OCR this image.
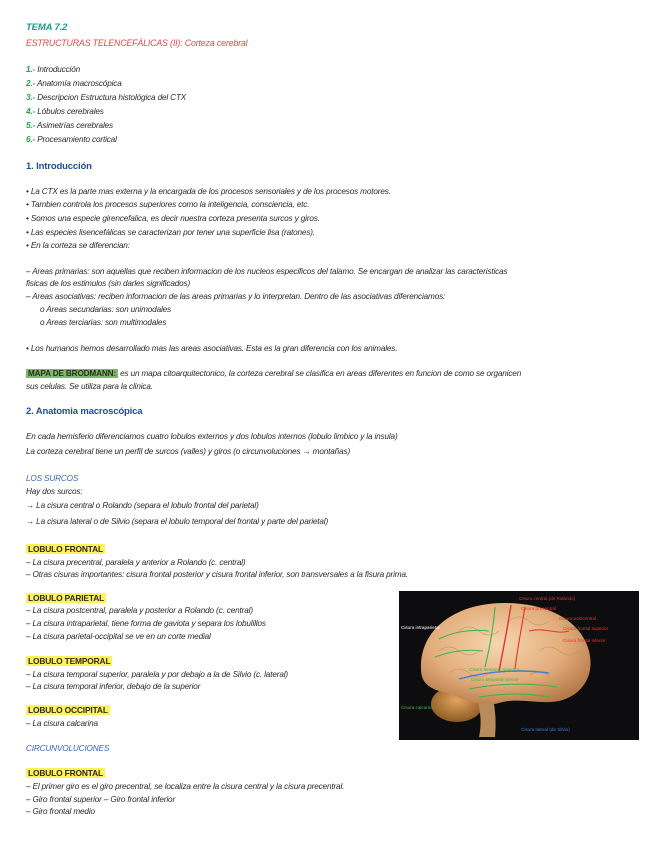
TEMA 7.2
ESTRUCTURAS TELENCEFÁLICAS (II): Corteza cerebral
1.- Introducción
2.- Anatomía macroscópica
3.- Descripcion Estructura histológica del CTX
4.- Lóbulos cerebrales
5.- Asimetrías cerebrales
6.- Procesamiento cortical
1. Introducción
• La CTX es la parte mas externa y la encargada de los procesos sensoriales y de los procesos motores.
• Tambien controla los procesos superiores como la inteligencia, consciencia, etc.
• Somos una especie girencefalica, es decir nuestra corteza presenta surcos y giros.
• Las especies lisencefálicas se caracterizan por tener una superficie lisa (ratones).
• En la corteza se diferencian:
– Areas primarias: son aquellas que reciben informacion de los nucleos especificos del talamo. Se encargan de analizar las caracteristicas
fisicas de los estimulos (sin darles significados)
– Areas asociativas: reciben informacion de las areas primarias y lo interpretan. Dentro de las asociativas diferenciamos:
o Areas secundarias: son unimodales
o Areas terciarias: son multimodales
• Los humanos hemos desarrollado mas las areas asociativas. Esta es la gran diferencia con los animales.
MAPA DE BRODMANN: es un mapa citoarquitectonico, la corteza cerebral se clasifica en areas diferentes en funcion de como se organicen
sus celulas. Se utiliza para la clinica.
2. Anatomia macroscópica
En cada hemisferio diferenciamos cuatro lobulos externos y dos lobulos internos (lobulo limbico y la insula)
La corteza cerebral tiene un perfil de surcos (valles) y giros (o circunvoluciones → montañas)
LOS SURCOS
Hay dos surcos:
→ La cisura central o Rolando (separa el lobulo frontal del parietal)
→ La cisura lateral o de Silvio (separa el lobulo temporal del frontal y parte del parietal)
LOBULO FRONTAL
– La cisura precentral, paralela y anterior a Rolando (c. central)
– Otras cisuras importantes: cisura frontal posterior y cisura frontal inferior, son transversales a la fisura prima.
LOBULO PARIETAL
– La cisura postcentral, paralela y posterior a Rolando (c. central)
– La cisura intraparietal, tiene forma de gaviota y separa los lobulillos
– La cisura parietal-occipital se ve en un corte medial
LOBULO TEMPORAL
– La cisura temporal superior, paralela y por debajo a la de Silvio (c. lateral)
– La cisura temporal inferior, debajo de la superior
LOBULO OCCIPITAL
– La cisura calcarina
CIRCUNVOLUCIONES
LOBULO FRONTAL
– El primer giro es el giro precentral, se localiza entre la cisura central y la cisura precentral.
– Giro frontal superior – Giro frontal inferior
– Giro frontal medio
Cisura central (de Rolando)
Cisura precentral
Cisura postcentral
Cisura frontal superior
Cisura frontal inferior
Cisura intraparietal
Cisura temporal superior
Cisura temporal inferior
Cisura calcarina
Cisura lateral (de Silvio)
